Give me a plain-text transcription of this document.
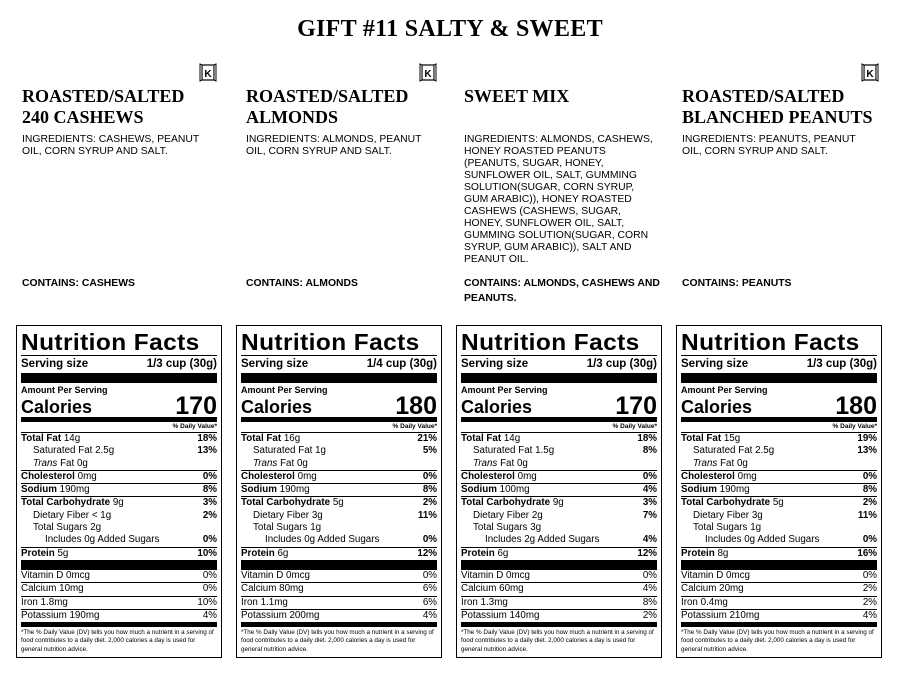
GIFT #11 SALTY & SWEET
K
ROASTED/SALTED
240 CASHEWS
INGREDIENTS: CASHEWS, PEANUT OIL, CORN SYRUP AND SALT.
CONTAINS: CASHEWS
K
ROASTED/SALTED
ALMONDS
INGREDIENTS: ALMONDS, PEANUT OIL, CORN SYRUP AND SALT.
CONTAINS: ALMONDS
SWEET MIX
INGREDIENTS: ALMONDS, CASHEWS, HONEY ROASTED PEANUTS (PEANUTS, SUGAR, HONEY, SUNFLOWER OIL, SALT, GUMMING SOLUTION(SUGAR, CORN SYRUP, GUM ARABIC)), HONEY ROASTED CASHEWS (CASHEWS, SUGAR, HONEY, SUNFLOWER OIL, SALT, GUMMING SOLUTION(SUGAR, CORN SYRUP, GUM ARABIC)), SALT AND PEANUT OIL.
CONTAINS: ALMONDS, CASHEWS AND PEANUTS.
K
ROASTED/SALTED
BLANCHED PEANUTS
INGREDIENTS: PEANUTS, PEANUT OIL, CORN SYRUP AND SALT.
CONTAINS: PEANUTS
Nutrition Facts
Serving size	1/3 cup (30g)
Amount Per Serving
Calories	170
% Daily Value*
Total Fat 14g	18%
Saturated Fat 2.5g	13%
Trans Fat 0g
Cholesterol 0mg	0%
Sodium 190mg	8%
Total Carbohydrate 9g	3%
Dietary Fiber < 1g	2%
Total Sugars 2g
Includes 0g Added Sugars	0%
Protein 5g	10%
Vitamin D 0mcg	0%
Calcium 10mg	0%
Iron 1.8mg	10%
Potassium 190mg	4%
*The % Daily Value (DV) tells you how much a nutrient in a serving of food contributes to a daily diet. 2,000 calories a day is used for general nutrition advice.
Nutrition Facts
Serving size	1/4 cup (30g)
Amount Per Serving
Calories	180
% Daily Value*
Total Fat 16g	21%
Saturated Fat 1g	5%
Trans Fat 0g
Cholesterol 0mg	0%
Sodium 190mg	8%
Total Carbohydrate 5g	2%
Dietary Fiber 3g	11%
Total Sugars 1g
Includes 0g Added Sugars	0%
Protein 6g	12%
Vitamin D 0mcg	0%
Calcium 80mg	6%
Iron 1.1mg	6%
Potassium 200mg	4%
*The % Daily Value (DV) tells you how much a nutrient in a serving of food contributes to a daily diet. 2,000 calories a day is used for general nutrition advice.
Nutrition Facts
Serving size	1/3 cup (30g)
Amount Per Serving
Calories	170
% Daily Value*
Total Fat 14g	18%
Saturated Fat 1.5g	8%
Trans Fat 0g
Cholesterol 0mg	0%
Sodium 100mg	4%
Total Carbohydrate 9g	3%
Dietary Fiber 2g	7%
Total Sugars 3g
Includes 2g Added Sugars	4%
Protein 6g	12%
Vitamin D 0mcg	0%
Calcium 60mg	4%
Iron 1.3mg	8%
Potassium 140mg	2%
*The % Daily Value (DV) tells you how much a nutrient in a serving of food contributes to a daily diet. 2,000 calories a day is used for general nutrition advice.
Nutrition Facts
Serving size	1/3 cup (30g)
Amount Per Serving
Calories	180
% Daily Value*
Total Fat 15g	19%
Saturated Fat 2.5g	13%
Trans Fat 0g
Cholesterol 0mg	0%
Sodium 190mg	8%
Total Carbohydrate 5g	2%
Dietary Fiber 3g	11%
Total Sugars 1g
Includes 0g Added Sugars	0%
Protein 8g	16%
Vitamin D 0mcg	0%
Calcium 20mg	2%
Iron 0.4mg	2%
Potassium 210mg	4%
*The % Daily Value (DV) tells you how much a nutrient in a serving of food contributes to a daily diet. 2,000 calories a day is used for general nutrition advice.
